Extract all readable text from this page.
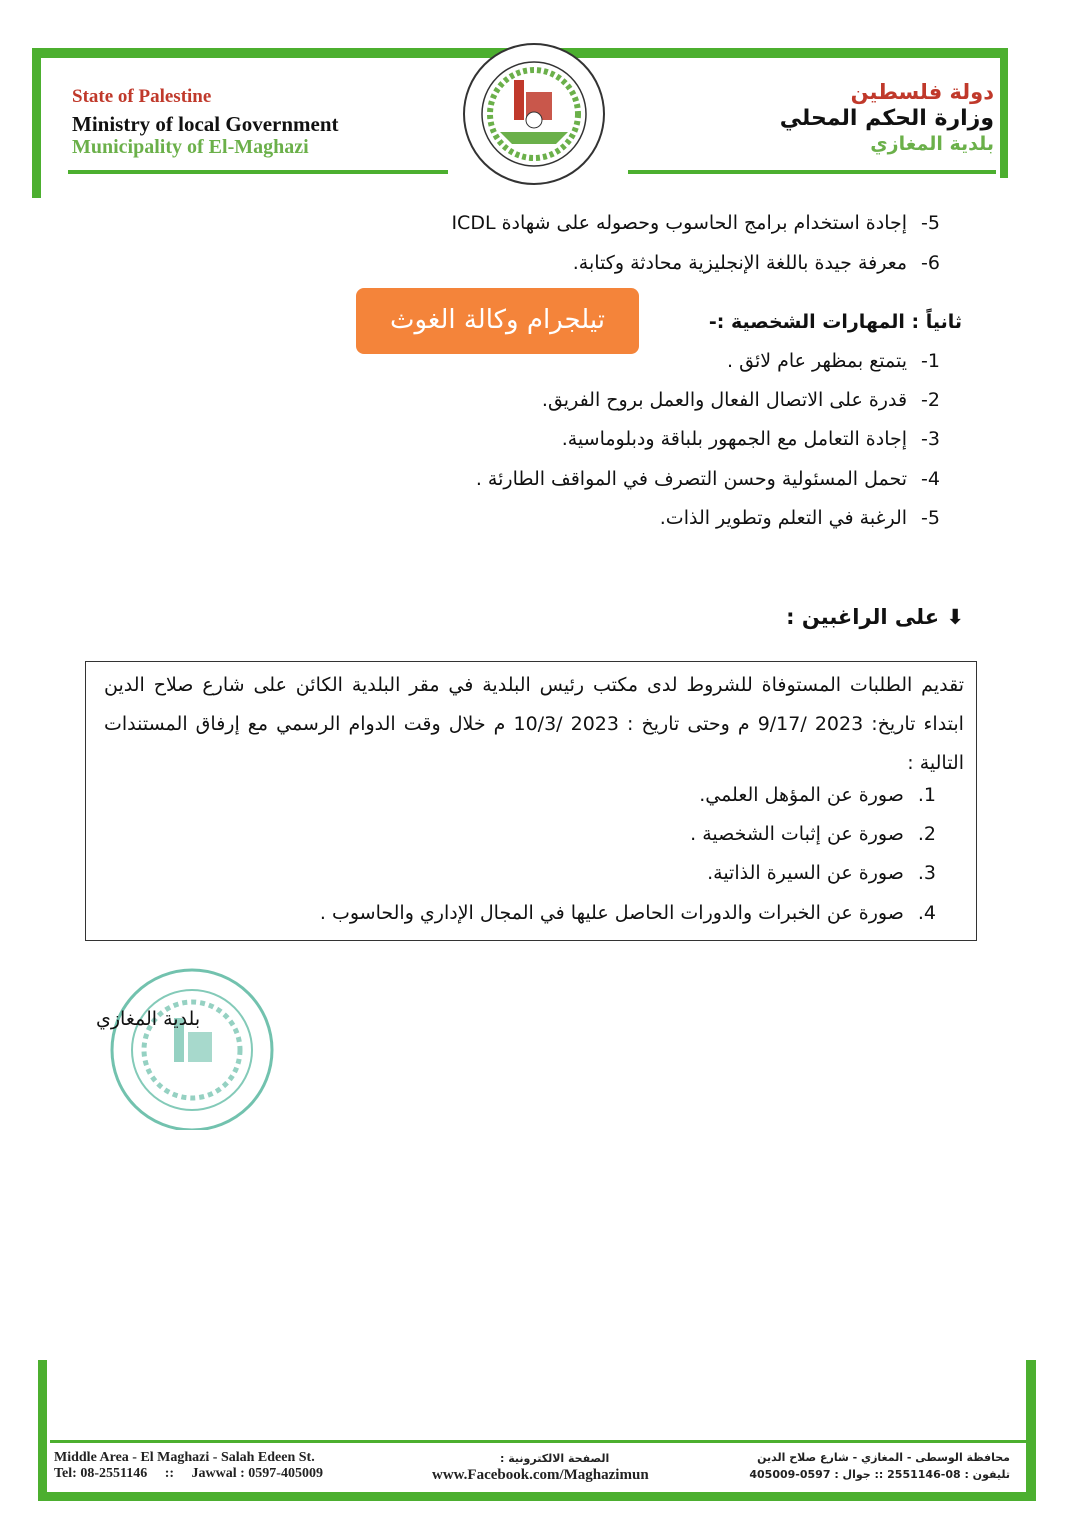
State of Palestine
Ministry of local Government
Municipality of El-Maghazi
دولة فلسطين
وزارة الحكم المحلي
بلدية المغازي
5-إجادة استخدام برامج الحاسوب وحصوله على شهادة ICDL
6-معرفة جيدة باللغة الإنجليزية محادثة وكتابة.
تيلجرام وكالة الغوث	ثانياً : المهارات الشخصية :-
1-يتمتع بمظهر عام لائق .
2-قدرة على الاتصال الفعال والعمل بروح الفريق.
3-إجادة التعامل مع الجمهور بلباقة ودبلوماسية.
4-تحمل المسئولية وحسن التصرف في المواقف الطارئة .
5-الرغبة في التعلم وتطوير الذات.
⬇︎ على الراغبين :
تقديم الطلبات المستوفاة للشروط لدى مكتب رئيس البلدية في مقر البلدية الكائن على شارع صلاح الدين ابتداء تاريخ: 2023 /9/17 م وحتى تاريخ : 2023 /10/3 م خلال وقت الدوام الرسمي مع إرفاق المستندات التالية :
1.صورة عن المؤهل العلمي.
2.صورة عن إثبات الشخصية .
3.صورة عن السيرة الذاتية.
4.صورة عن الخبرات والدورات الحاصل عليها في المجال الإداري والحاسوب .
بلدية المغازي
Middle Area - El Maghazi - Salah Edeen St.
Tel: 08-2551146     ::     Jawwal : 0597-405009
الصفحة الالكترونية :
www.Facebook.com/Maghazimun
محافظة الوسطى - المغازي - شارع صلاح الدين
تليفون : 08-2551146 :: جوال : 0597-405009
